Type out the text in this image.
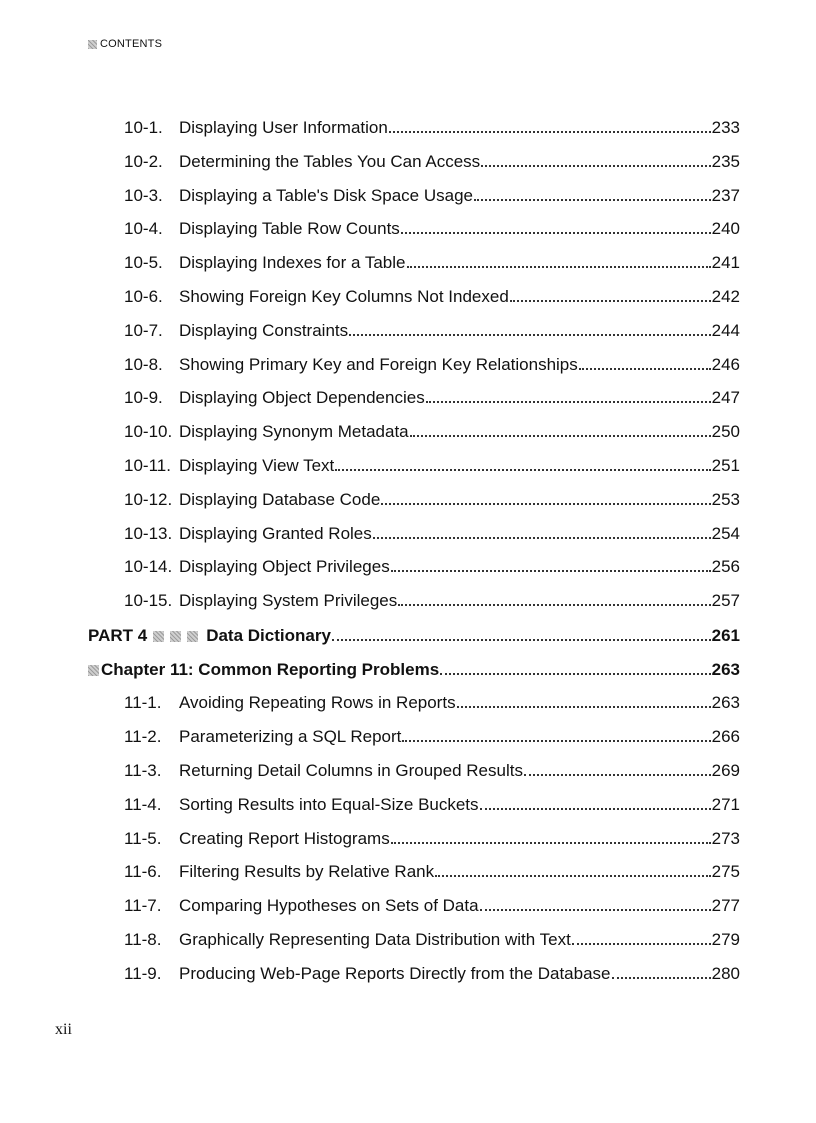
CONTENTS
10-1. Displaying User Information	233
10-2. Determining the Tables You Can Access	235
10-3. Displaying a Table's Disk Space Usage	237
10-4. Displaying Table Row Counts	240
10-5. Displaying Indexes for a Table	241
10-6. Showing Foreign Key Columns Not Indexed	242
10-7. Displaying Constraints	244
10-8. Showing Primary Key and Foreign Key Relationships	246
10-9. Displaying Object Dependencies	247
10-10. Displaying Synonym Metadata	250
10-11. Displaying View Text	251
10-12. Displaying Database Code	253
10-13. Displaying Granted Roles	254
10-14. Displaying Object Privileges	256
10-15. Displaying System Privileges	257
PART 4	Data Dictionary	261
Chapter 11: Common Reporting Problems	263
11-1.	Avoiding Repeating Rows in Reports	263
11-2.	Parameterizing a SQL Report	266
11-3.	Returning Detail Columns in Grouped Results	269
11-4.	Sorting Results into Equal-Size Buckets	271
11-5.	Creating Report Histograms	273
11-6.	Filtering Results by Relative Rank	275
11-7.	Comparing Hypotheses on Sets of Data	277
11-8.	Graphically Representing Data Distribution with Text	279
11-9.	Producing Web-Page Reports Directly from the Database	280
xii
